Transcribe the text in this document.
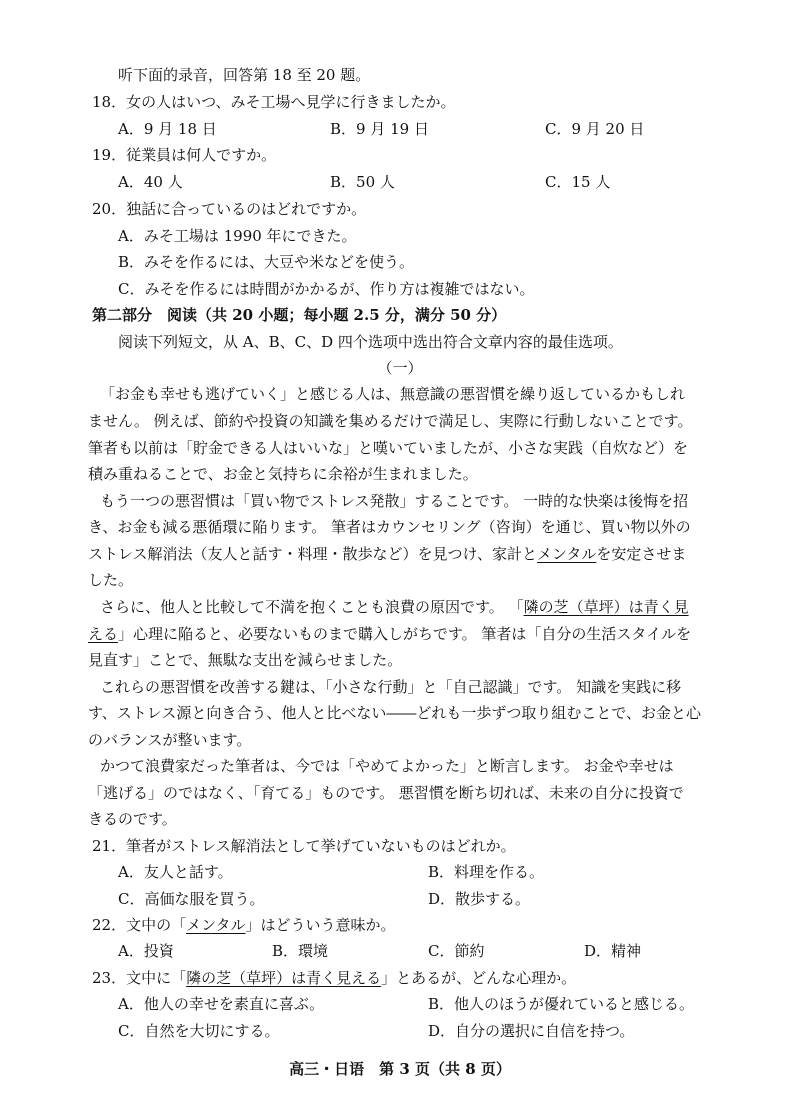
听下面的录音，回答第 18 至 20 题。
18．女の人はいつ、みそ工場へ見学に行きましたか。
A．9 月 18 日	B．9 月 19 日	C．9 月 20 日
19．従業員は何人ですか。
A．40 人	B．50 人	C．15 人
20．独話に合っているのはどれですか。
A．みそ工場は 1990 年にできた。
B．みそを作るには、大豆や米などを使う。
C．みそを作るには時間がかかるが、作り方は複雑ではない。
第二部分　阅读（共 20 小题；每小题 2.5 分，满分 50 分）
阅读下列短文，从 A、B、C、D 四个选项中选出符合文章内容的最佳选项。
（一）
「お金も幸せも逃げていく」と感じる人は、無意識の悪習慣を繰り返しているかもしれ
ません。 例えば、節約や投資の知識を集めるだけで満足し、実際に行動しないことです。
筆者も以前は「貯金できる人はいいな」と嘆いていましたが、小さな実践（自炊など）を
積み重ねることで、お金と気持ちに余裕が生まれました。
もう一つの悪習慣は「買い物でストレス発散」することです。 一時的な快楽は後悔を招
き、お金も減る悪循環に陥ります。 筆者はカウンセリング（咨询）を通じ、買い物以外の
ストレス解消法（友人と話す・料理・散歩など）を見つけ、家計とメンタルを安定させま
した。
さらに、他人と比較して不満を抱くことも浪費の原因です。 「隣の芝（草坪）は青く見
える」心理に陥ると、必要ないものまで購入しがちです。 筆者は「自分の生活スタイルを
見直す」ことで、無駄な支出を減らせました。
これらの悪習慣を改善する鍵は、「小さな行動」と「自己認識」です。 知識を実践に移
す、ストレス源と向き合う、他人と比べない――どれも一歩ずつ取り組むことで、お金と心
のバランスが整います。
かつて浪費家だった筆者は、今では「やめてよかった」と断言します。 お金や幸せは
「逃げる」のではなく、「育てる」ものです。 悪習慣を断ち切れば、未来の自分に投資で
きるのです。
21．筆者がストレス解消法として挙げていないものはどれか。
A．友人と話す。	B．料理を作る。
C．高価な服を買う。	D．散歩する。
22．文中の「メンタル」はどういう意味か。
A．投資	B．環境	C．節約	D．精神
23．文中に「隣の芝（草坪）は青く見える」とあるが、どんな心理か。
A．他人の幸せを素直に喜ぶ。	B．他人のほうが優れていると感じる。
C．自然を大切にする。	D．自分の選択に自信を持つ。
高三・日语　第 3 页（共 8 页）
